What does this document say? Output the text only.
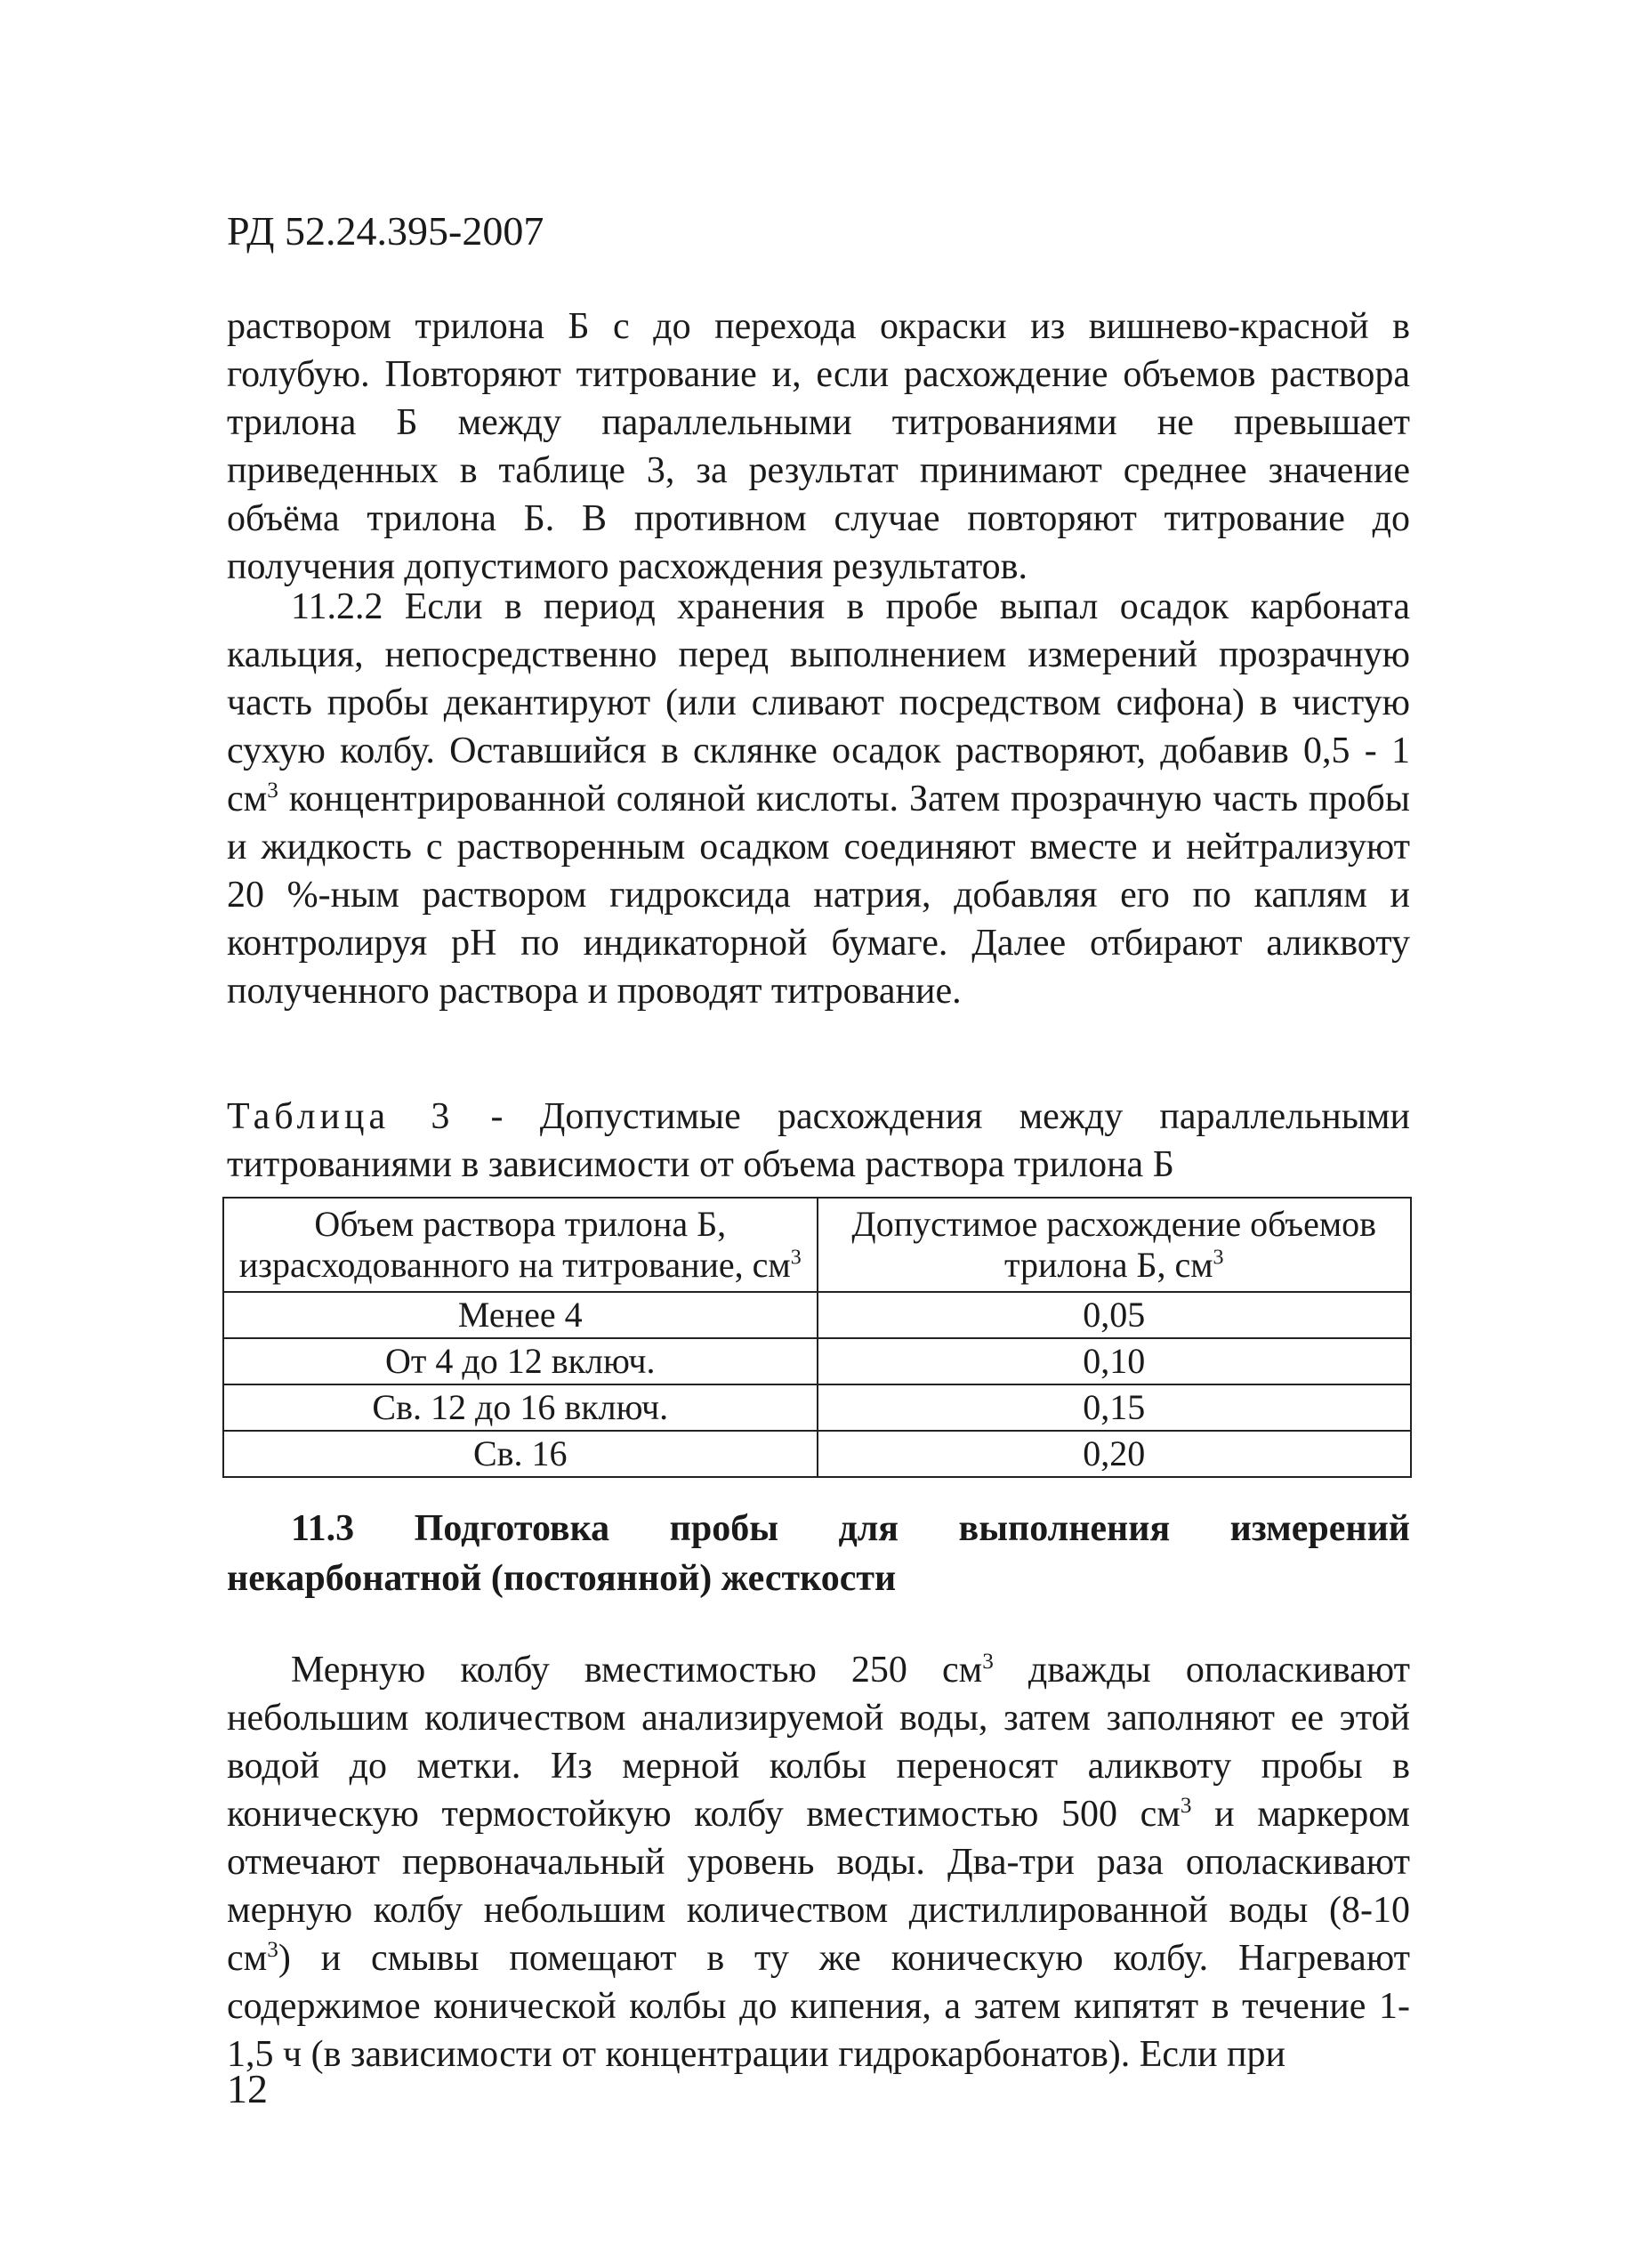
РД 52.24.395-2007

раствором трилона Б с до перехода окраски из вишнево-красной в голубую. Повторяют титрование и, если расхождение объемов раствора трилона Б между параллельными титрованиями не превышает приведенных в таблице 3, за результат принимают среднее значение объёма трилона Б. В противном случае повторяют титрование до получения допустимого расхождения результатов.

11.2.2 Если в период хранения в пробе выпал осадок карбоната кальция, непосредственно перед выполнением измерений прозрачную часть пробы декантируют (или сливают посредством сифона) в чистую сухую колбу. Оставшийся в склянке осадок растворяют, добавив 0,5 - 1 $см^3$ концентрированной соляной кислоты. Затем прозрачную часть пробы и жидкость с растворенным осадком соединяют вместе и нейтрализуют 20 %-ным раствором гидроксида натрия, добавляя его по каплям и контролируя pH по индикаторной бумаге. Далее отбирают аликвоту полученного раствора и проводят титрование.

Таблица 3 - Допустимые расхождения между параллельными титрованиями в зависимости от объема раствора трилона Б
Объем раствора трилона Б, израсходованного на титрование, $см^3$	Допустимое расхождение объемов трилона Б, $см^3$
Менее 4	0,05
От 4 до 12 включ.	0,10
Св. 12 до 16 включ.	0,15
Св. 16	0,20
11.3 Подготовка пробы для выполнения измерений некарбонатной (постоянной) жесткости

Мерную колбу вместимостью 250 $см^3$ дважды ополаскивают небольшим количеством анализируемой воды, затем заполняют ее этой водой до метки. Из мерной колбы переносят аликвоту пробы в коническую термостойкую колбу вместимостью 500 $см^3$ и маркером отмечают первоначальный уровень воды. Два-три раза ополаскивают мерную колбу небольшим количеством дистиллированной воды (8-10 $см^3$) и смывы помещают в ту же коническую колбу. Нагревают содержимое конической колбы до кипения, а затем кипятят в течение 1-1,5 ч (в зависимости от концентрации гидрокарбонатов). Если при

12
